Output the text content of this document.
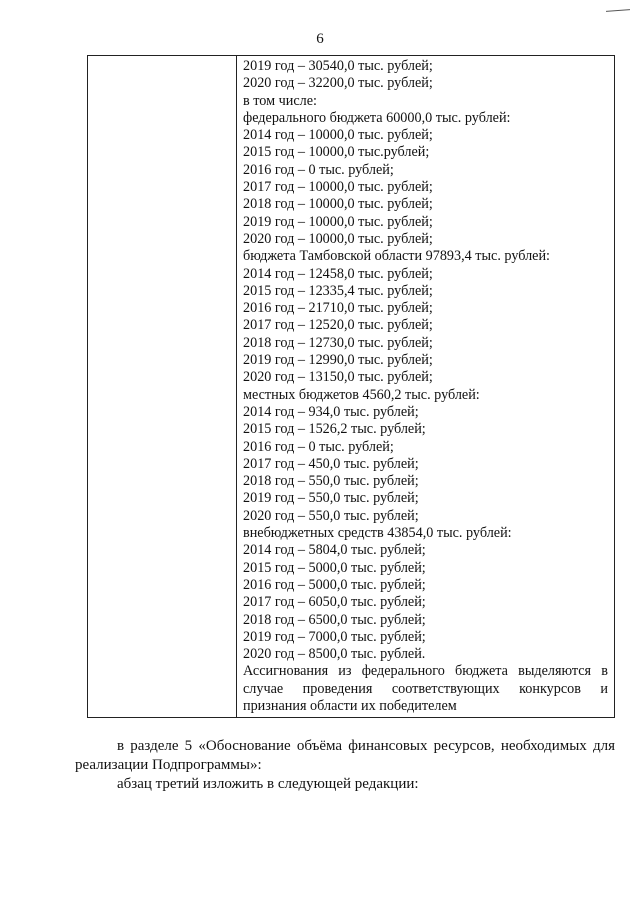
6
2019 год – 30540,0 тыс. рублей;
2020 год – 32200,0 тыс. рублей;
в том числе:
федерального бюджета 60000,0 тыс. рублей:
2014 год – 10000,0 тыс. рублей;
2015 год – 10000,0 тыс.рублей;
2016 год – 0 тыс. рублей;
2017 год – 10000,0 тыс. рублей;
2018 год – 10000,0 тыс. рублей;
2019 год – 10000,0 тыс. рублей;
2020 год – 10000,0 тыс. рублей;
бюджета Тамбовской области 97893,4 тыс. рублей:
2014 год – 12458,0 тыс. рублей;
2015 год – 12335,4 тыс. рублей;
2016 год – 21710,0 тыс. рублей;
2017 год – 12520,0 тыс. рублей;
2018 год – 12730,0 тыс. рублей;
2019 год – 12990,0 тыс. рублей;
2020 год – 13150,0 тыс. рублей;
местных бюджетов 4560,2 тыс. рублей:
2014 год – 934,0 тыс. рублей;
2015 год – 1526,2 тыс. рублей;
2016 год – 0 тыс. рублей;
2017 год – 450,0 тыс. рублей;
2018 год – 550,0 тыс. рублей;
2019 год – 550,0 тыс. рублей;
2020 год – 550,0 тыс. рублей;
внебюджетных средств 43854,0 тыс. рублей:
2014 год – 5804,0 тыс. рублей;
2015 год – 5000,0 тыс. рублей;
2016 год – 5000,0 тыс. рублей;
2017 год – 6050,0 тыс. рублей;
2018 год – 6500,0 тыс. рублей;
2019 год – 7000,0 тыс. рублей;
2020 год – 8500,0 тыс. рублей.
Ассигнования из федерального бюджета выделяются в случае проведения соответствующих конкурсов и признания области их победителем
в разделе 5 «Обоснование объёма финансовых ресурсов, необходимых для
реализации Подпрограммы»:
абзац третий изложить в следующей редакции:
